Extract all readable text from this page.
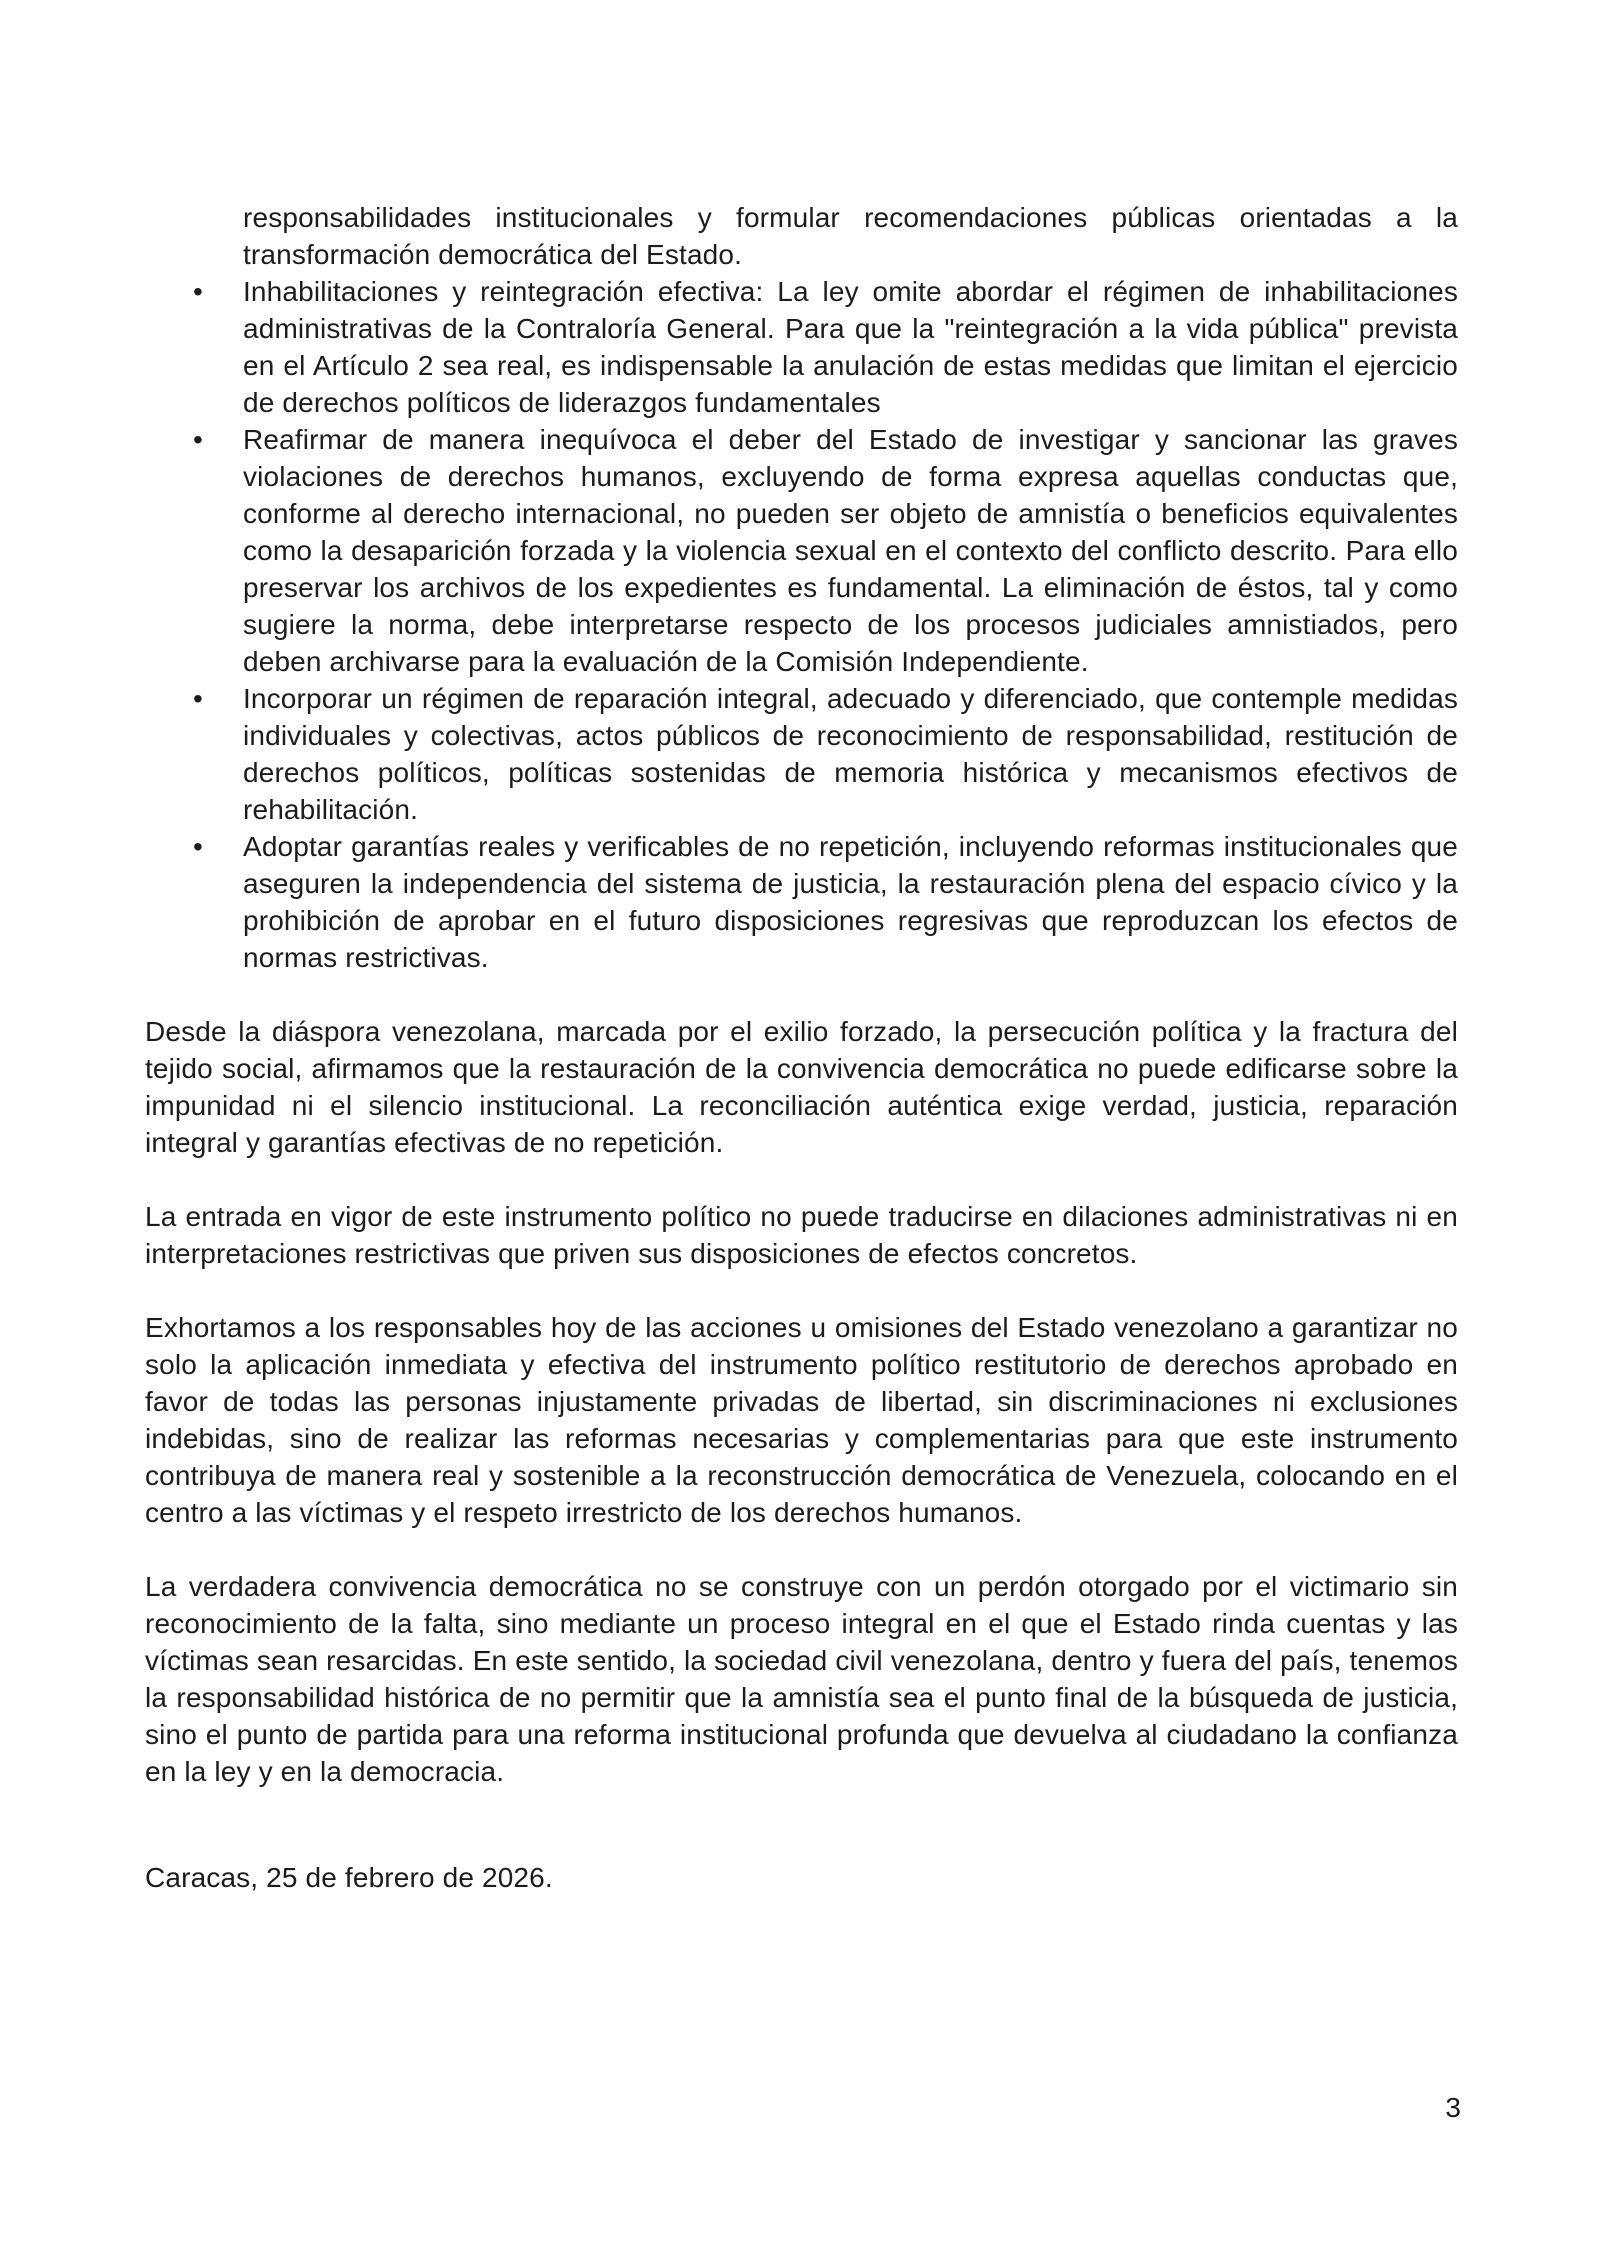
responsabilidades institucionales y formular recomendaciones públicas orientadas a la transformación democrática del Estado.

• Inhabilitaciones y reintegración efectiva: La ley omite abordar el régimen de inhabilitaciones administrativas de la Contraloría General. Para que la "reintegración a la vida pública" prevista en el Artículo 2 sea real, es indispensable la anulación de estas medidas que limitan el ejercicio de derechos políticos de liderazgos fundamentales
• Reafirmar de manera inequívoca el deber del Estado de investigar y sancionar las graves violaciones de derechos humanos, excluyendo de forma expresa aquellas conductas que, conforme al derecho internacional, no pueden ser objeto de amnistía o beneficios equivalentes como la desaparición forzada y la violencia sexual en el contexto del conflicto descrito. Para ello preservar los archivos de los expedientes es fundamental. La eliminación de éstos, tal y como sugiere la norma, debe interpretarse respecto de los procesos judiciales amnistiados, pero deben archivarse para la evaluación de la Comisión Independiente.
• Incorporar un régimen de reparación integral, adecuado y diferenciado, que contemple medidas individuales y colectivas, actos públicos de reconocimiento de responsabilidad, restitución de derechos políticos, políticas sostenidas de memoria histórica y mecanismos efectivos de rehabilitación.
• Adoptar garantías reales y verificables de no repetición, incluyendo reformas institucionales que aseguren la independencia del sistema de justicia, la restauración plena del espacio cívico y la prohibición de aprobar en el futuro disposiciones regresivas que reproduzcan los efectos de normas restrictivas.

Desde la diáspora venezolana, marcada por el exilio forzado, la persecución política y la fractura del tejido social, afirmamos que la restauración de la convivencia democrática no puede edificarse sobre la impunidad ni el silencio institucional. La reconciliación auténtica exige verdad, justicia, reparación integral y garantías efectivas de no repetición.

La entrada en vigor de este instrumento político no puede traducirse en dilaciones administrativas ni en interpretaciones restrictivas que priven sus disposiciones de efectos concretos.

Exhortamos a los responsables hoy de las acciones u omisiones del Estado venezolano a garantizar no solo la aplicación inmediata y efectiva del instrumento político restitutorio de derechos aprobado en favor de todas las personas injustamente privadas de libertad, sin discriminaciones ni exclusiones indebidas, sino de realizar las reformas necesarias y complementarias para que este instrumento contribuya de manera real y sostenible a la reconstrucción democrática de Venezuela, colocando en el centro a las víctimas y el respeto irrestricto de los derechos humanos.

La verdadera convivencia democrática no se construye con un perdón otorgado por el victimario sin reconocimiento de la falta, sino mediante un proceso integral en el que el Estado rinda cuentas y las víctimas sean resarcidas. En este sentido, la sociedad civil venezolana, dentro y fuera del país, tenemos la responsabilidad histórica de no permitir que la amnistía sea el punto final de la búsqueda de justicia, sino el punto de partida para una reforma institucional profunda que devuelva al ciudadano la confianza en la ley y en la democracia.

Caracas, 25 de febrero de 2026.
3
